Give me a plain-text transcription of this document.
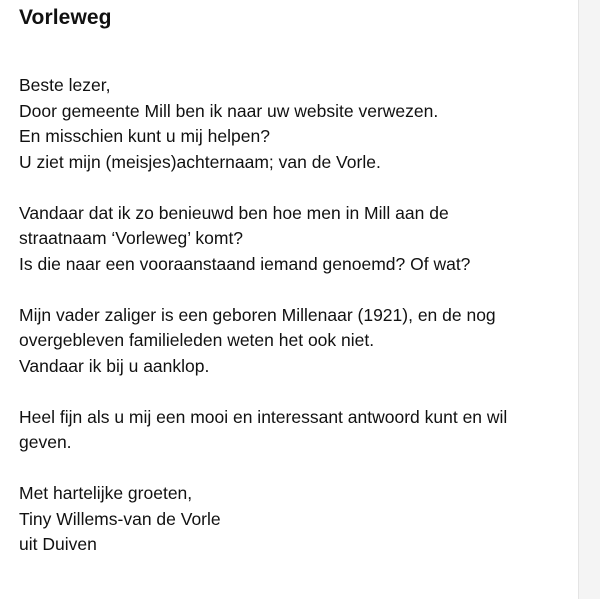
Vorleweg

Beste lezer,
Door gemeente Mill ben ik naar uw website verwezen.
En misschien kunt u mij helpen?
U ziet mijn (meisjes)achternaam; van de Vorle.

Vandaar dat ik zo benieuwd ben hoe men in Mill aan de
straatnaam ‘Vorleweg’ komt?
Is die naar een vooraanstaand iemand genoemd? Of wat?

Mijn vader zaliger is een geboren Millenaar (1921), en de nog
overgebleven familieleden weten het ook niet.
Vandaar ik bij u aanklop.

Heel fijn als u mij een mooi en interessant antwoord kunt en wil
geven.

Met hartelijke groeten,
Tiny Willems-van de Vorle
uit Duiven
